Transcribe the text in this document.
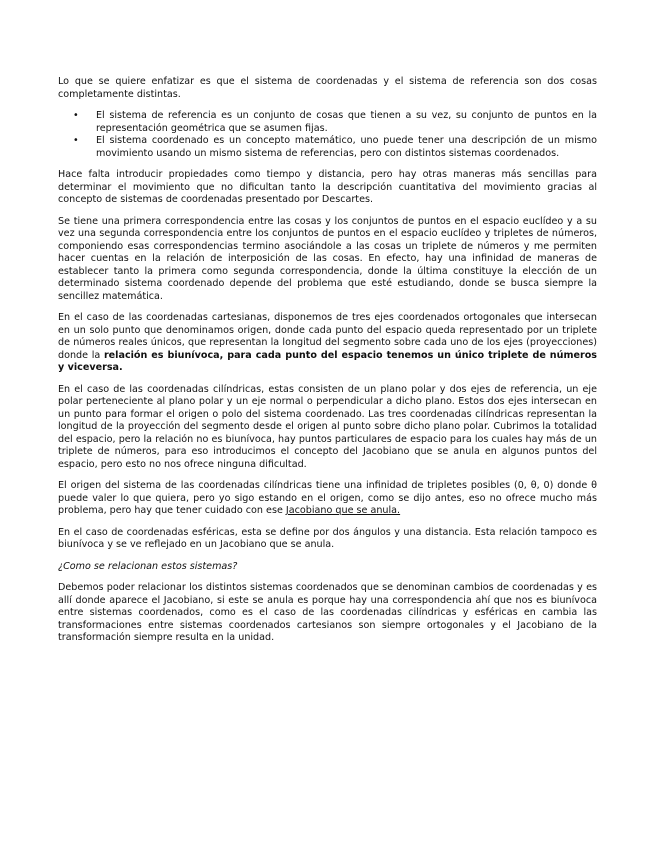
Lo que se quiere enfatizar es que el sistema de coordenadas y el sistema de referencia son dos cosas completamente distintas.

• El sistema de referencia es un conjunto de cosas que tienen a su vez, su conjunto de puntos en la representación geométrica que se asumen fijas.
• El sistema coordenado es un concepto matemático, uno puede tener una descripción de un mismo movimiento usando un mismo sistema de referencias, pero con distintos sistemas coordenados.

Hace falta introducir propiedades como tiempo y distancia, pero hay otras maneras más sencillas para determinar el movimiento que no dificultan tanto la descripción cuantitativa del movimiento gracias al concepto de sistemas de coordenadas presentado por Descartes.

Se tiene una primera correspondencia entre las cosas y los conjuntos de puntos en el espacio euclídeo y a su vez una segunda correspondencia entre los conjuntos de puntos en el espacio euclídeo y tripletes de números, componiendo esas correspondencias termino asociándole a las cosas un triplete de números y me permiten hacer cuentas en la relación de interposición de las cosas. En efecto, hay una infinidad de maneras de establecer tanto la primera como segunda correspondencia, donde la última constituye la elección de un determinado sistema coordenado depende del problema que esté estudiando, donde se busca siempre la sencillez matemática.

En el caso de las coordenadas cartesianas, disponemos de tres ejes coordenados ortogonales que intersecan en un solo punto que denominamos origen, donde cada punto del espacio queda representado por un triplete de números reales únicos, que representan la longitud del segmento sobre cada uno de los ejes (proyecciones) donde la relación es biunívoca, para cada punto del espacio tenemos un único triplete de números y viceversa.

En el caso de las coordenadas cilíndricas, estas consisten de un plano polar y dos ejes de referencia, un eje polar perteneciente al plano polar y un eje normal o perpendicular a dicho plano. Estos dos ejes intersecan en un punto para formar el origen o polo del sistema coordenado. Las tres coordenadas cilíndricas representan la longitud de la proyección del segmento desde el origen al punto sobre dicho plano polar. Cubrimos la totalidad del espacio, pero la relación no es biunívoca, hay puntos particulares de espacio para los cuales hay más de un triplete de números, para eso introducimos el concepto del Jacobiano que se anula en algunos puntos del espacio, pero esto no nos ofrece ninguna dificultad.

El origen del sistema de las coordenadas cilíndricas tiene una infinidad de tripletes posibles (0, θ, 0) donde θ puede valer lo que quiera, pero yo sigo estando en el origen, como se dijo antes, eso no ofrece mucho más problema, pero hay que tener cuidado con ese Jacobiano que se anula.

En el caso de coordenadas esféricas, esta se define por dos ángulos y una distancia. Esta relación tampoco es biunívoca y se ve reflejado en un Jacobiano que se anula.

¿Como se relacionan estos sistemas?

Debemos poder relacionar los distintos sistemas coordenados que se denominan cambios de coordenadas y es allí donde aparece el Jacobiano, si este se anula es porque hay una correspondencia ahí que nos es biunívoca entre sistemas coordenados, como es el caso de las coordenadas cilíndricas y esféricas en cambia las transformaciones entre sistemas coordenados cartesianos son siempre ortogonales y el Jacobiano de la transformación siempre resulta en la unidad.
